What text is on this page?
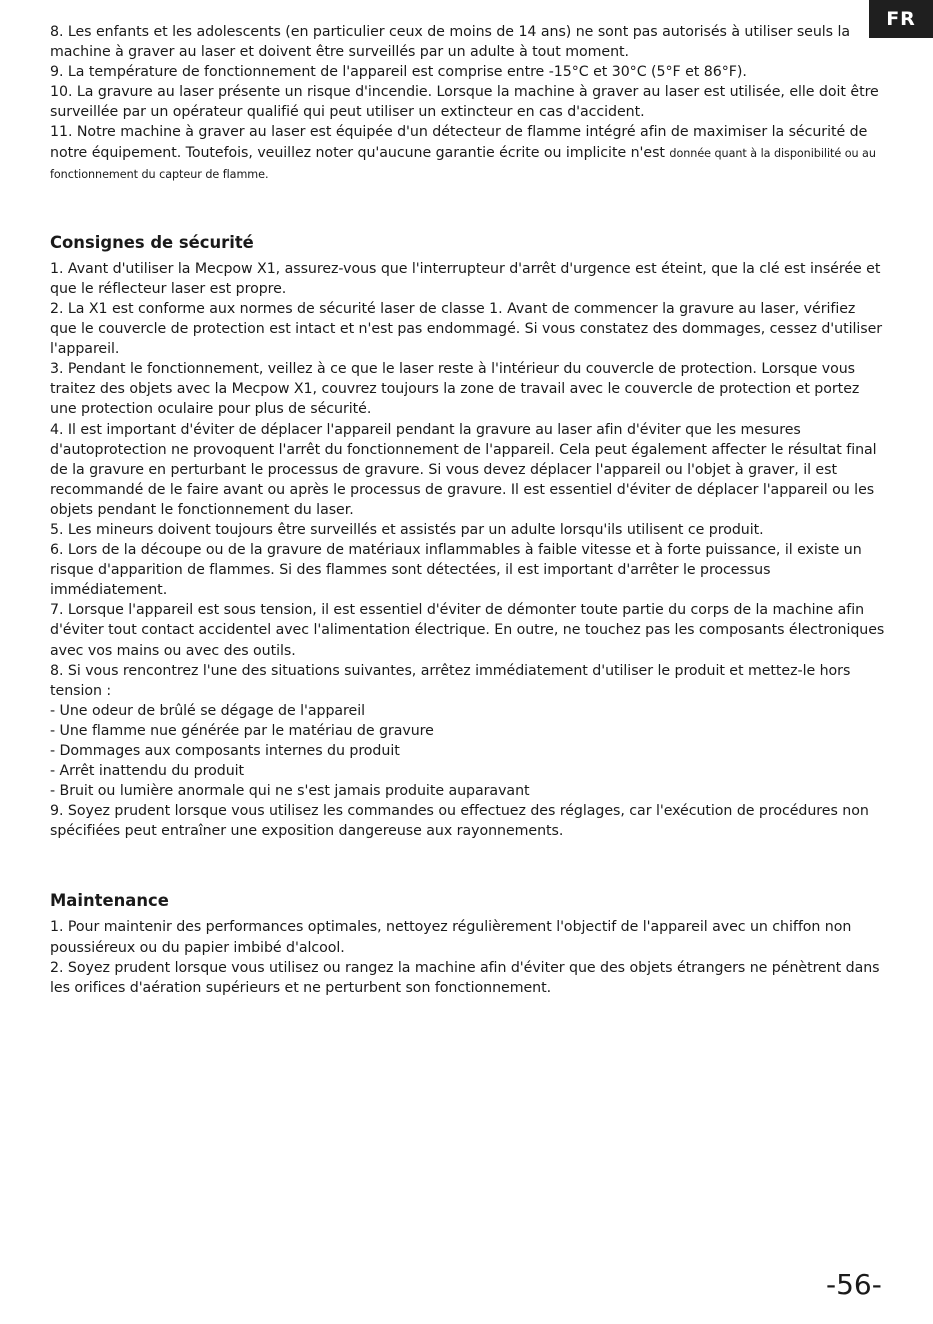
FR

8. Les enfants et les adolescents (en particulier ceux de moins de 14 ans) ne sont pas autorisés à utiliser seuls la machine à graver au laser et doivent être surveillés par un adulte à tout moment.

9. La température de fonctionnement de l'appareil est comprise entre -15°C et 30°C (5°F et 86°F).

10. La gravure au laser présente un risque d'incendie. Lorsque la machine à graver au laser est utilisée, elle doit être surveillée par un opérateur qualifié qui peut utiliser un extincteur en cas d'accident.

11. Notre machine à graver au laser est équipée d'un détecteur de flamme intégré afin de maximiser la sécurité de notre équipement. Toutefois, veuillez noter qu'aucune garantie écrite ou implicite n'est donnée quant à la disponibilité ou au fonctionnement du capteur de flamme.

Consignes de sécurité

1. Avant d'utiliser la Mecpow X1, assurez-vous que l'interrupteur d'arrêt d'urgence est éteint, que la clé est insérée et que le réflecteur laser est propre.

2. La X1 est conforme aux normes de sécurité laser de classe 1. Avant de commencer la gravure au laser, vérifiez que le couvercle de protection est intact et n'est pas endommagé. Si vous constatez des dommages, cessez d'utiliser l'appareil.

3. Pendant le fonctionnement, veillez à ce que le laser reste à l'intérieur du couvercle de protection. Lorsque vous traitez des objets avec la Mecpow X1, couvrez toujours la zone de travail avec le couvercle de protection et portez une protection oculaire pour plus de sécurité.

4. Il est important d'éviter de déplacer l'appareil pendant la gravure au laser afin d'éviter que les mesures d'autoprotection ne provoquent l'arrêt du fonctionnement de l'appareil. Cela peut également affecter le résultat final de la gravure en perturbant le processus de gravure. Si vous devez déplacer l'appareil ou l'objet à graver, il est recommandé de le faire avant ou après le processus de gravure. Il est essentiel d'éviter de déplacer l'appareil ou les objets pendant le fonctionnement du laser.

5. Les mineurs doivent toujours être surveillés et assistés par un adulte lorsqu'ils utilisent ce produit.

6. Lors de la découpe ou de la gravure de matériaux inflammables à faible vitesse et à forte puissance, il existe un risque d'apparition de flammes. Si des flammes sont détectées, il est important d'arrêter le processus immédiatement.

7. Lorsque l'appareil est sous tension, il est essentiel d'éviter de démonter toute partie du corps de la machine afin d'éviter tout contact accidentel avec l'alimentation électrique. En outre, ne touchez pas les composants électroniques avec vos mains ou avec des outils.

8. Si vous rencontrez l'une des situations suivantes, arrêtez immédiatement d'utiliser le produit et mettez-le hors tension :

- Une odeur de brûlé se dégage de l'appareil

- Une flamme nue générée par le matériau de gravure

- Dommages aux composants internes du produit

- Arrêt inattendu du produit

- Bruit ou lumière anormale qui ne s'est jamais produite auparavant

9. Soyez prudent lorsque vous utilisez les commandes ou effectuez des réglages, car l'exécution de procédures non spécifiées peut entraîner une exposition dangereuse aux rayonnements.

Maintenance

1. Pour maintenir des performances optimales, nettoyez régulièrement l'objectif de l'appareil avec un chiffon non poussiéreux ou du papier imbibé d'alcool.

2. Soyez prudent lorsque vous utilisez ou rangez la machine afin d'éviter que des objets étrangers ne pénètrent dans les orifices d'aération supérieurs et ne perturbent son fonctionnement.

-56-
